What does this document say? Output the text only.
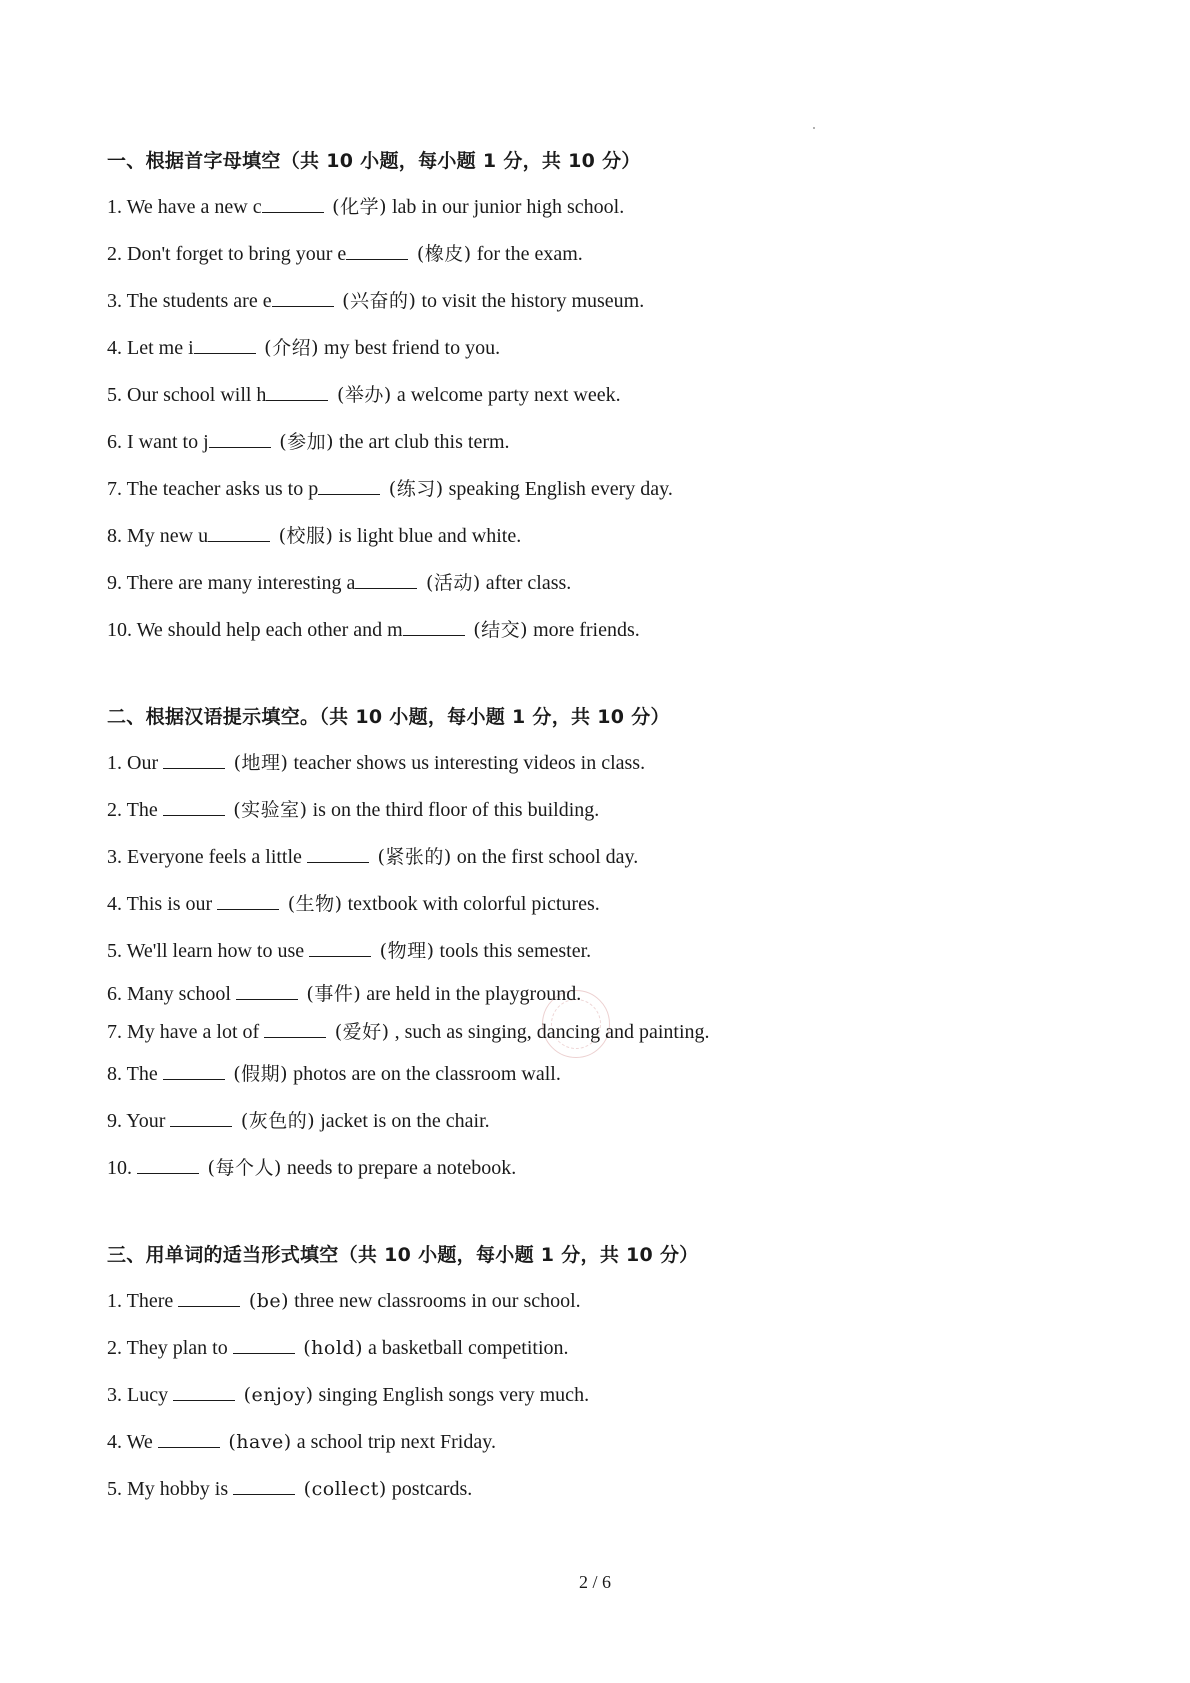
一、根据首字母填空（共 10 小题，每小题 1 分，共 10 分）
1. We have a new c	(化学) lab in our junior high school.
2. Don't forget to bring your e	(橡皮) for the exam.
3. The students are e	(兴奋的) to visit the history museum.
4. Let me i	(介绍) my best friend to you.
5. Our school will h	(举办) a welcome party next week.
6. I want to j	(参加) the art club this term.
7. The teacher asks us to p	(练习) speaking English every day.
8. My new u	(校服) is light blue and white.
9. There are many interesting a	(活动) after class.
10. We should help each other and m	(结交) more friends.
二、根据汉语提示填空。（共 10 小题，每小题 1 分，共 10 分）
1. Our	(地理) teacher shows us interesting videos in class.
2. The	(实验室) is on the third floor of this building.
3. Everyone feels a little	(紧张的) on the first school day.
4. This is our	(生物) textbook with colorful pictures.
5. We'll learn how to use	(物理) tools this semester.
6. Many school	(事件) are held in the playground.
7. My have a lot of	(爱好) , such as singing, dancing and painting.
8. The	(假期) photos are on the classroom wall.
9. Your	(灰色的) jacket is on the chair.
10.	(每个人) needs to prepare a notebook.
三、用单词的适当形式填空（共 10 小题，每小题 1 分，共 10 分）
1. There	(be) three new classrooms in our school.
2. They plan to	(hold) a basketball competition.
3. Lucy	(enjoy) singing English songs very much.
4. We	(have) a school trip next Friday.
5. My hobby is	(collect) postcards.
2 / 6
